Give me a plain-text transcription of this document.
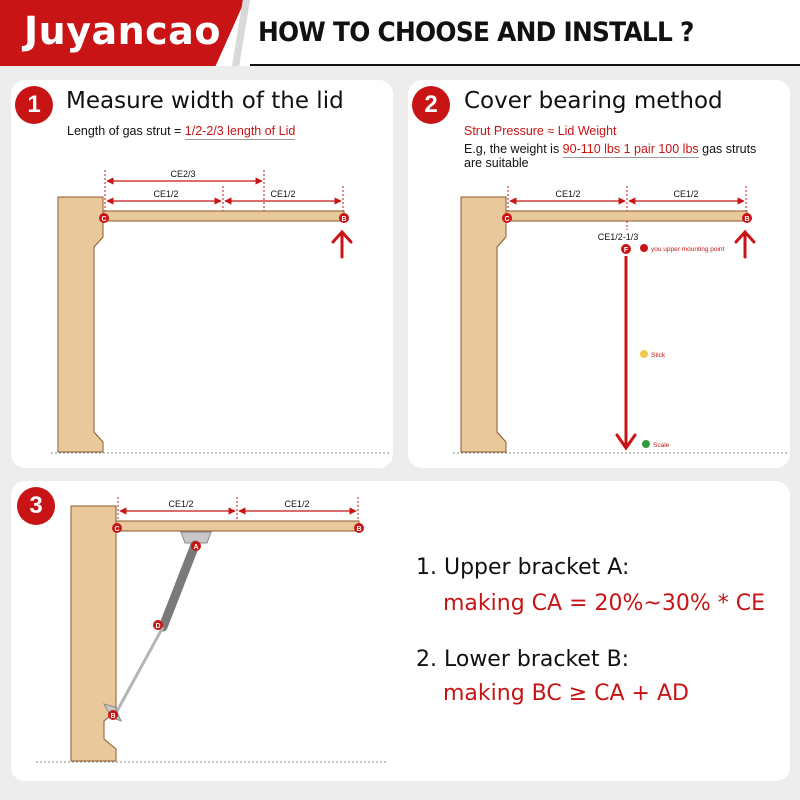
Juyancao HOW TO CHOOSE AND INSTALL ?
1	Measure width of the lid
Length of gas strut = 1/2-2/3 length of Lid
CE2/3
CE1/2	CE1/2
C	B
2	Cover bearing method
Strut Pressure ≈ Lid Weight
E.g, the weight is 90-110 lbs 1 pair 100 lbs gas struts
are suitable
CE1/2	CE1/2
C	B
CE1/2-1/3
F	you upper mounting point
Stick
Scale
3	CE1/2	CE1/2
C	B
A
D
B
1. Upper bracket A:
making CA = 20%~30% * CE
2. Lower bracket B:
making BC ≥ CA + AD
